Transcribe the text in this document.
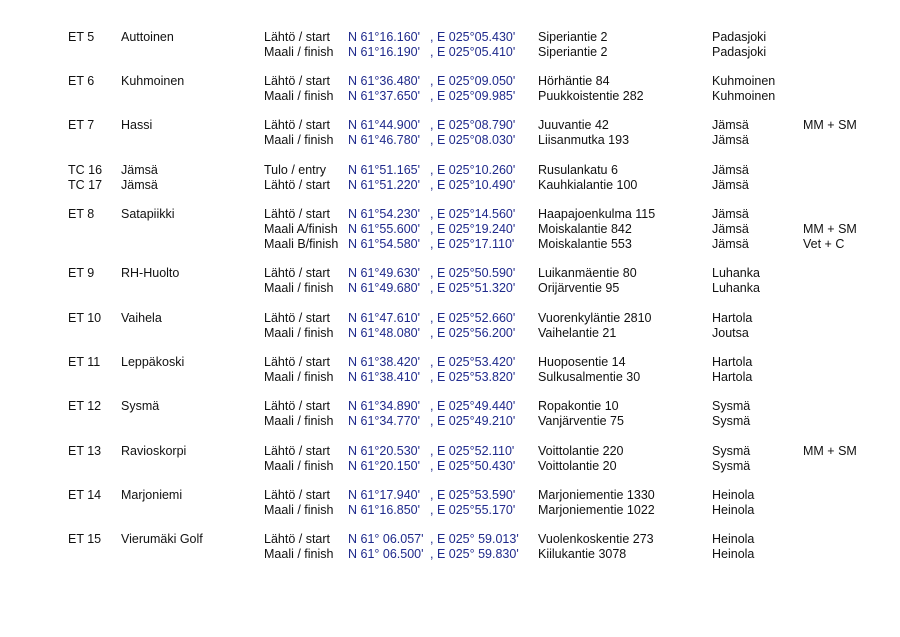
ET 5 Auttoinen	Lähtö / start N 61°16.160' , E 025°05.430' Siperiantie 2	Padasjoki
Maali / finish N 61°16.190' , E 025°05.410' Siperiantie 2	Padasjoki
ET 6 Kuhmoinen	Lähtö / start N 61°36.480' , E 025°09.050' Hörhäntie 84	Kuhmoinen
Maali / finish N 61°37.650' , E 025°09.985' Puukkoistentie 282	Kuhmoinen
ET 7 Hassi	Lähtö / start N 61°44.900' , E 025°08.790' Juuvantie 42	Jämsä	MM + SM
Maali / finish N 61°46.780' , E 025°08.030' Liisanmutka 193	Jämsä
TC 16 Jämsä	Tulo / entry N 61°51.165' , E 025°10.260' Rusulankatu 6	Jämsä
TC 17 Jämsä	Lähtö / start N 61°51.220' , E 025°10.490' Kauhkialantie 100	Jämsä
ET 8 Satapiikki	Lähtö / start N 61°54.230' , E 025°14.560' Haapajoenkulma 115	Jämsä
Maali A/finish N 61°55.600' , E 025°19.240' Moiskalantie 842	Jämsä	MM + SM
Maali B/finish N 61°54.580' , E 025°17.110' Moiskalantie 553	Jämsä	Vet + C
ET 9 RH-Huolto	Lähtö / start N 61°49.630' , E 025°50.590' Luikanmäentie 80	Luhanka
Maali / finish N 61°49.680' , E 025°51.320' Orijärventie 95	Luhanka
ET 10 Vaihela	Lähtö / start N 61°47.610' , E 025°52.660' Vuorenkyläntie 2810	Hartola
Maali / finish N 61°48.080' , E 025°56.200' Vaihelantie 21	Joutsa
ET 11 Leppäkoski	Lähtö / start N 61°38.420' , E 025°53.420' Huoposentie 14	Hartola
Maali / finish N 61°38.410' , E 025°53.820' Sulkusalmentie 30	Hartola
ET 12 Sysmä	Lähtö / start N 61°34.890' , E 025°49.440' Ropakontie 10	Sysmä
Maali / finish N 61°34.770' , E 025°49.210' Vanjärventie 75	Sysmä
ET 13 Ravioskorpi	Lähtö / start N 61°20.530' , E 025°52.110' Voittolantie 220	Sysmä	MM + SM
Maali / finish N 61°20.150' , E 025°50.430' Voittolantie 20	Sysmä
ET 14 Marjoniemi	Lähtö / start N 61°17.940' , E 025°53.590' Marjoniementie 1330	Heinola
Maali / finish N 61°16.850' , E 025°55.170' Marjoniementie 1022	Heinola
ET 15 Vierumäki Golf	Lähtö / start N 61° 06.057' , E 025° 59.013' Vuolenkoskentie 273	Heinola
Maali / finish N 61° 06.500' , E 025° 59.830' Kiilukantie 3078	Heinola
